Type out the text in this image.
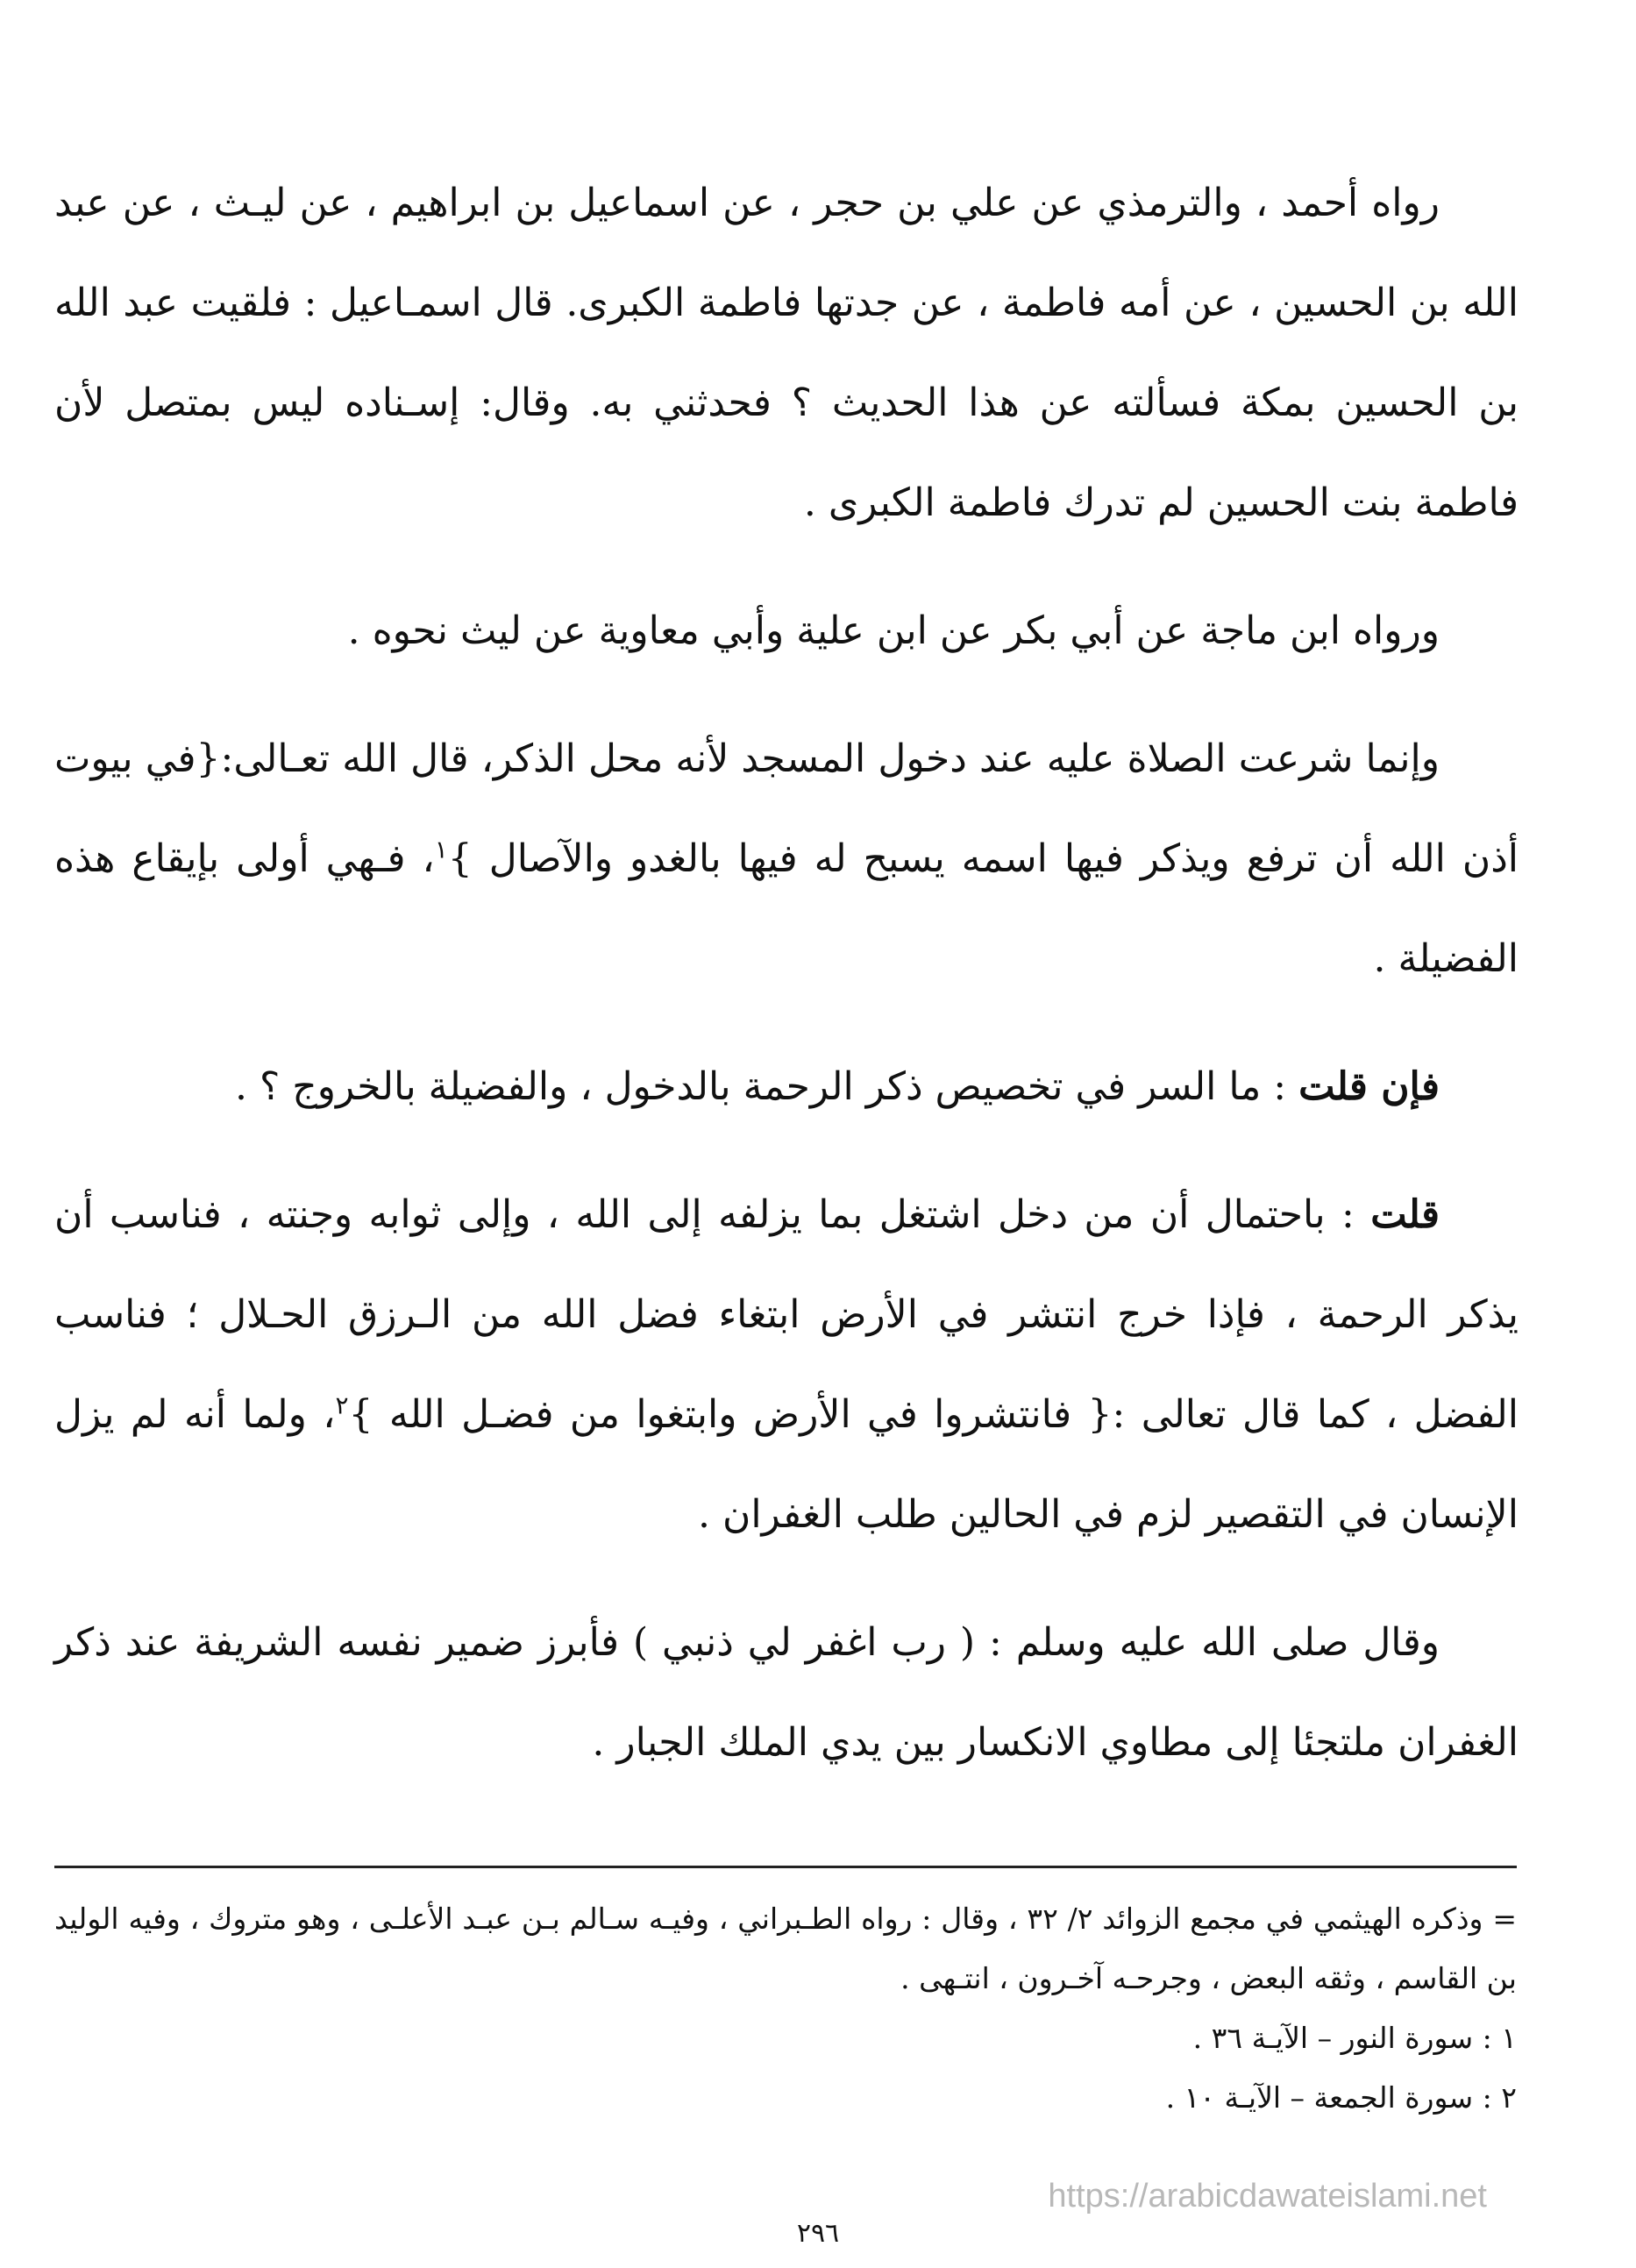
رواه أحمد ، والترمذي عن علي بن حجر ، عن اسماعيل بن ابراهيم ، عن ليـث ، عن عبد الله بن الحسين ، عن أمه فاطمة ، عن جدتها فاطمة الكبرى. قال اسمـاعيل : فلقيت عبد الله بن الحسين بمكة فسألته عن هذا الحديث ؟ فحدثني به. وقال: إسـناده ليس بمتصل لأن فاطمة بنت الحسين لم تدرك فاطمة الكبرى .

ورواه ابن ماجة عن أبي بكر عن ابن علية وأبي معاوية عن ليث نحوه .

وإنما شرعت الصلاة عليه عند دخول المسجد لأنه محل الذكر، قال الله تعـالى:{في بيوت أذن الله أن ترفع ويذكر فيها اسمه يسبح له فيها بالغدو والآصال }$^١$، فـهي أولى بإيقاع هذه الفضيلة .

فإن قلت : ما السر في تخصيص ذكر الرحمة بالدخول ، والفضيلة بالخروج ؟ .

قلت : باحتمال أن من دخل اشتغل بما يزلفه إلى الله ، وإلى ثوابه وجنته ، فناسب أن يذكر الرحمة ، فإذا خرج انتشر في الأرض ابتغاء فضل الله من الـرزق الحـلال ؛ فناسب الفضل ، كما قال تعالى :{ فانتشروا في الأرض وابتغوا من فضـل الله }$^٢$، ولما أنه لم يزل الإنسان في التقصير لزم في الحالين طلب الغفران .

وقال صلى الله عليه وسلم : ( رب اغفر لي ذنبي ) فأبرز ضمير نفسه الشريفة عند ذكر الغفران ملتجئا إلى مطاوي الانكسار بين يدي الملك الجبار .

= وذكره الهيثمي في مجمع الزوائد ٢/ ٣٢ ، وقال : رواه الطـبراني ، وفيـه سـالم بـن عبـد الأعلـى ، وهو متروك ، وفيه الوليد بن القاسم ، وثقه البعض ، وجرحـه آخـرون ، انتـهى .

١ : سورة النور – الآيـة ٣٦ .

٢ : سورة الجمعة – الآيـة ١٠ .

https://arabicdawateislami.net
٢٩٦
